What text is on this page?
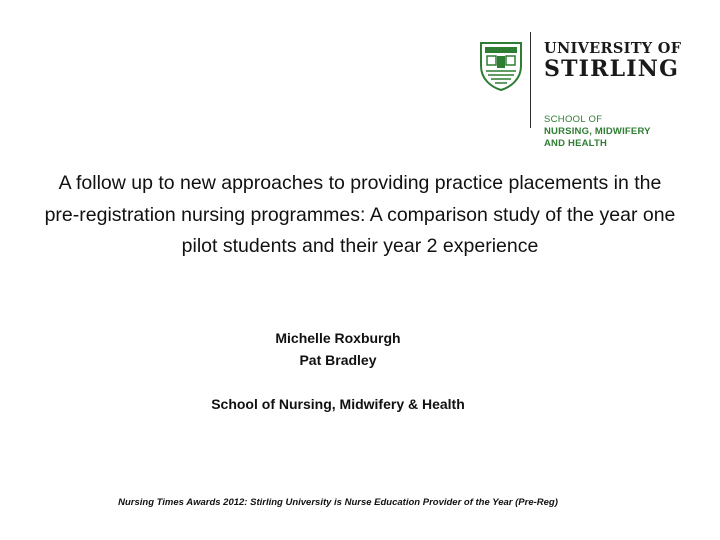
UNIVERSITY OF
STIRLING
SCHOOL OF
NURSING, MIDWIFERY
AND HEALTH
A follow up to new approaches to providing practice placements in the pre-registration nursing programmes: A comparison study of the year one pilot students and their year 2 experience
Michelle Roxburgh
Pat Bradley
School of Nursing, Midwifery & Health
Nursing Times Awards 2012: Stirling University is Nurse Education Provider of the Year (Pre-Reg)
